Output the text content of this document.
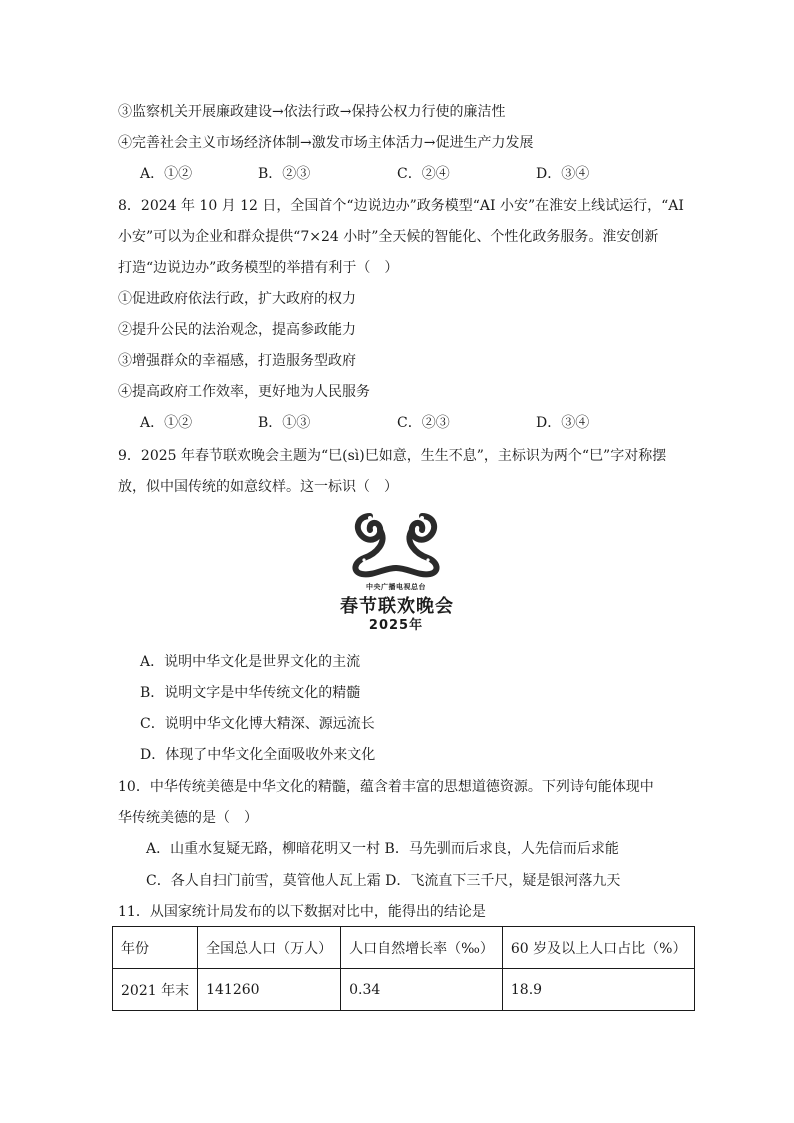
③监察机关开展廉政建设→依法行政→保持公权力行使的廉洁性
④完善社会主义市场经济体制→激发市场主体活力→促进生产力发展
A．①②	B．②③	C．②④	D．③④
8．2024 年 10 月 12 日，全国首个“边说边办”政务模型“AI 小安”在淮安上线试运行，“AI
小安”可以为企业和群众提供“7×24 小时”全天候的智能化、个性化政务服务。淮安创新
打造“边说边办”政务模型的举措有利于（　）
①促进政府依法行政，扩大政府的权力
②提升公民的法治观念，提高参政能力
③增强群众的幸福感，打造服务型政府
④提高政府工作效率，更好地为人民服务
A．①②	B．①③	C．②③	D．③④
9．2025 年春节联欢晚会主题为“巳(sì)巳如意，生生不息”，主标识为两个“巳”字对称摆
放，似中国传统的如意纹样。这一标识（　）
中央广播电视总台
春节联欢晚会
2025年
A．说明中华文化是世界文化的主流
B．说明文字是中华传统文化的精髓
C．说明中华文化博大精深、源远流长
D．体现了中华文化全面吸收外来文化
10．中华传统美德是中华文化的精髓，蕴含着丰富的思想道德资源。下列诗句能体现中
华传统美德的是（　）
A．山重水复疑无路，柳暗花明又一村 B．马先驯而后求良，人先信而后求能
C．各人自扫门前雪，莫管他人瓦上霜 D．飞流直下三千尺，疑是银河落九天
11．从国家统计局发布的以下数据对比中，能得出的结论是
年份	全国总人口（万人）	人口自然增长率（‰）	60 岁及以上人口占比（%）
2021 年末	141260	0.34	18.9
